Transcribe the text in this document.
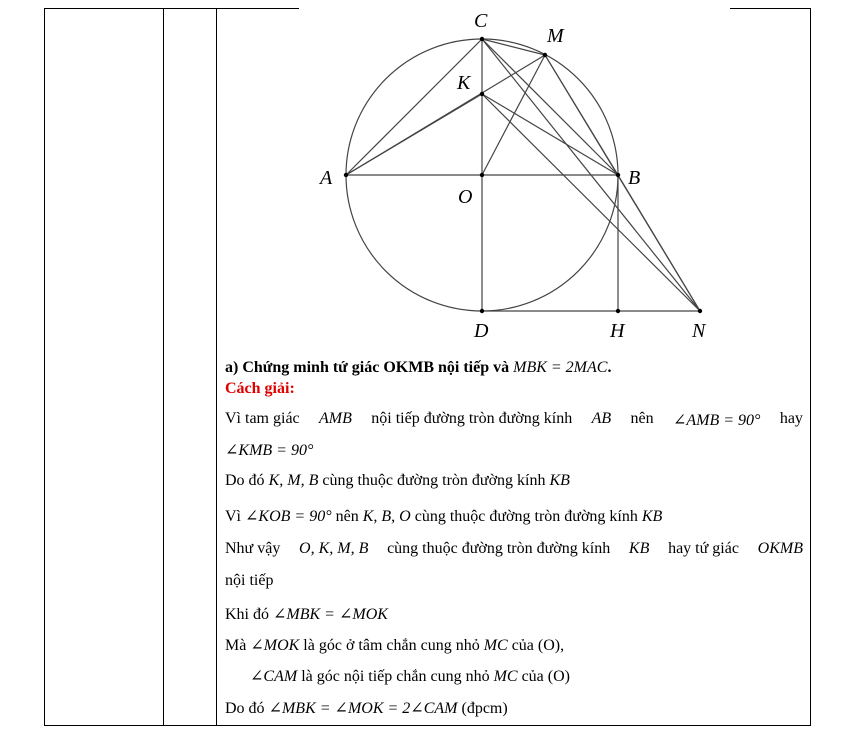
C
M
K
A	B
O
D	H	N
a) Chứng minh tứ giác OKMB nội tiếp và MBK = 2MAC.
Cách giải:
Vì tam giác AMB nội tiếp đường tròn đường kính AB nên ∠AMB = 90° hay
∠KMB = 90°
Do đó K, M, B cùng thuộc đường tròn đường kính KB
Vì ∠KOB = 90° nên K, B, O cùng thuộc đường tròn đường kính KB
Như vậy O, K, M, B cùng thuộc đường tròn đường kính KB hay tứ giác OKMB
nội tiếp
Khi đó ∠MBK = ∠MOK
Mà ∠MOK là góc ở tâm chắn cung nhỏ MC của (O),
∠CAM là góc nội tiếp chắn cung nhỏ MC của (O)
Do đó ∠MBK = ∠MOK = 2∠CAM (đpcm)
